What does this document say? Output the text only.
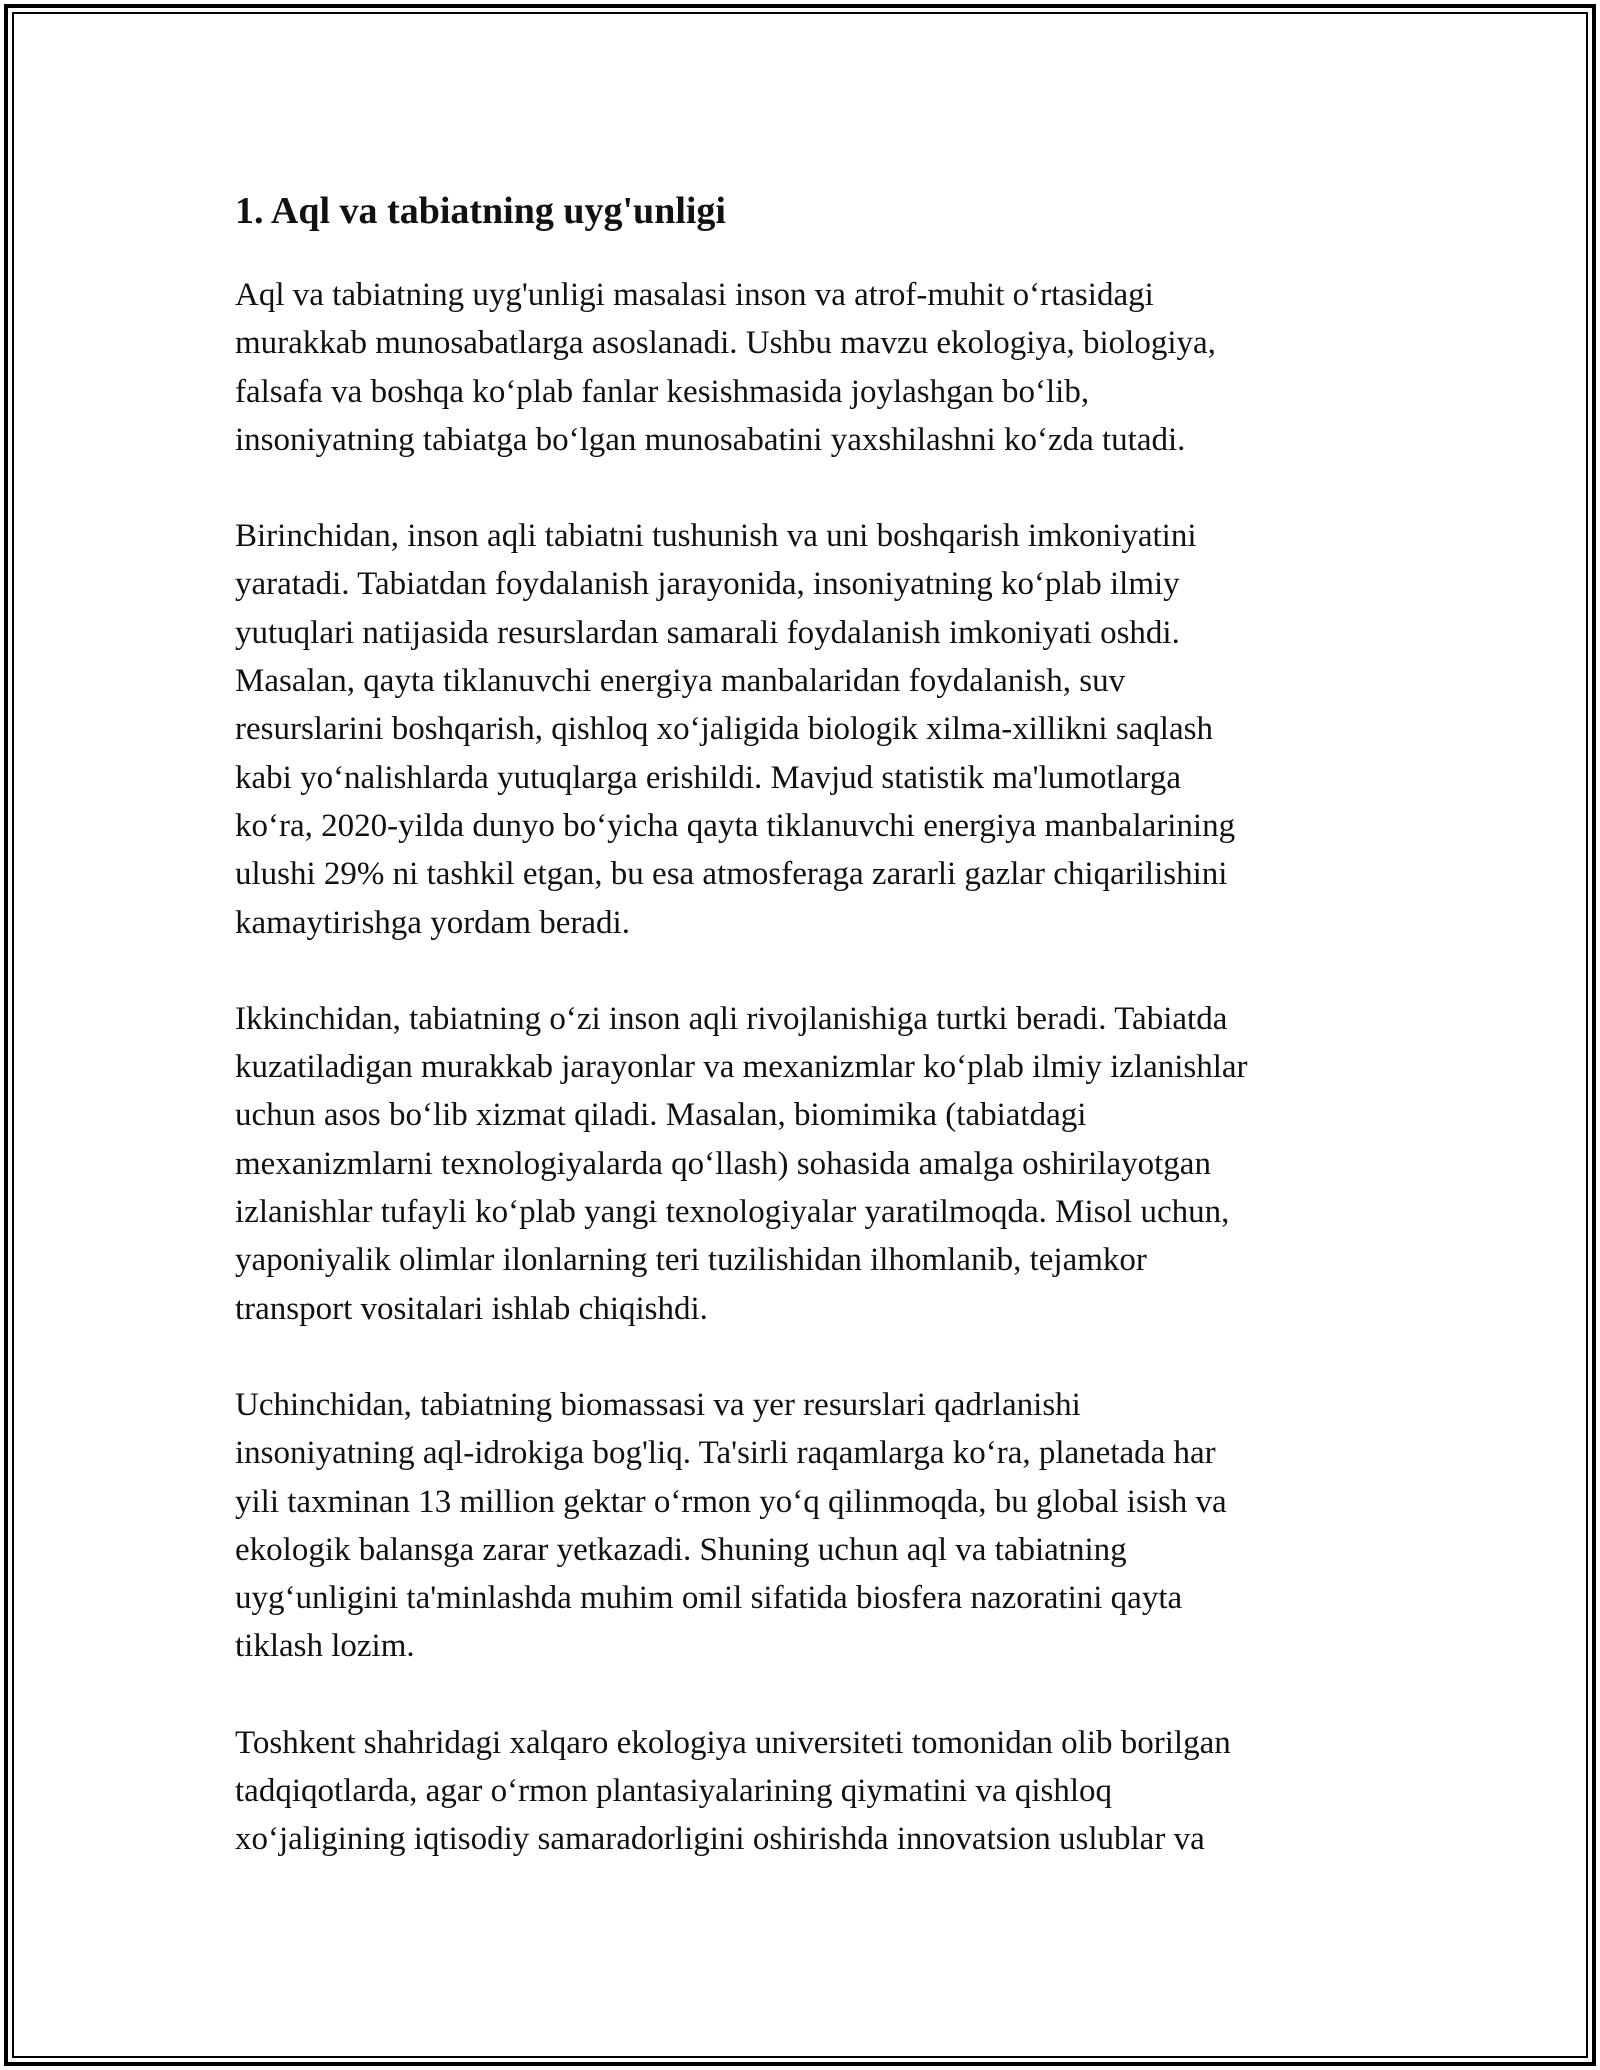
1. Aql va tabiatning uyg'unligi
Aql va tabiatning uyg'unligi masalasi inson va atrof-muhit o‘rtasidagi
murakkab munosabatlarga asoslanadi. Ushbu mavzu ekologiya, biologiya,
falsafa va boshqa ko‘plab fanlar kesishmasida joylashgan bo‘lib,
insoniyatning tabiatga bo‘lgan munosabatini yaxshilashni ko‘zda tutadi.
Birinchidan, inson aqli tabiatni tushunish va uni boshqarish imkoniyatini
yaratadi. Tabiatdan foydalanish jarayonida, insoniyatning ko‘plab ilmiy
yutuqlari natijasida resurslardan samarali foydalanish imkoniyati oshdi.
Masalan, qayta tiklanuvchi energiya manbalaridan foydalanish, suv
resurslarini boshqarish, qishloq xo‘jaligida biologik xilma-xillikni saqlash
kabi yo‘nalishlarda yutuqlarga erishildi. Mavjud statistik ma'lumotlarga
ko‘ra, 2020-yilda dunyo bo‘yicha qayta tiklanuvchi energiya manbalarining
ulushi 29% ni tashkil etgan, bu esa atmosferaga zararli gazlar chiqarilishini
kamaytirishga yordam beradi.
Ikkinchidan, tabiatning o‘zi inson aqli rivojlanishiga turtki beradi. Tabiatda
kuzatiladigan murakkab jarayonlar va mexanizmlar ko‘plab ilmiy izlanishlar
uchun asos bo‘lib xizmat qiladi. Masalan, biomimika (tabiatdagi
mexanizmlarni texnologiyalarda qo‘llash) sohasida amalga oshirilayotgan
izlanishlar tufayli ko‘plab yangi texnologiyalar yaratilmoqda. Misol uchun,
yaponiyalik olimlar ilonlarning teri tuzilishidan ilhomlanib, tejamkor
transport vositalari ishlab chiqishdi.
Uchinchidan, tabiatning biomassasi va yer resurslari qadrlanishi
insoniyatning aql-idrokiga bog'liq. Ta'sirli raqamlarga ko‘ra, planetada har
yili taxminan 13 million gektar o‘rmon yo‘q qilinmoqda, bu global isish va
ekologik balansga zarar yetkazadi. Shuning uchun aql va tabiatning
uyg‘unligini ta'minlashda muhim omil sifatida biosfera nazoratini qayta
tiklash lozim.
Toshkent shahridagi xalqaro ekologiya universiteti tomonidan olib borilgan
tadqiqotlarda, agar o‘rmon plantasiyalarining qiymatini va qishloq
xo‘jaligining iqtisodiy samaradorligini oshirishda innovatsion uslublar va
